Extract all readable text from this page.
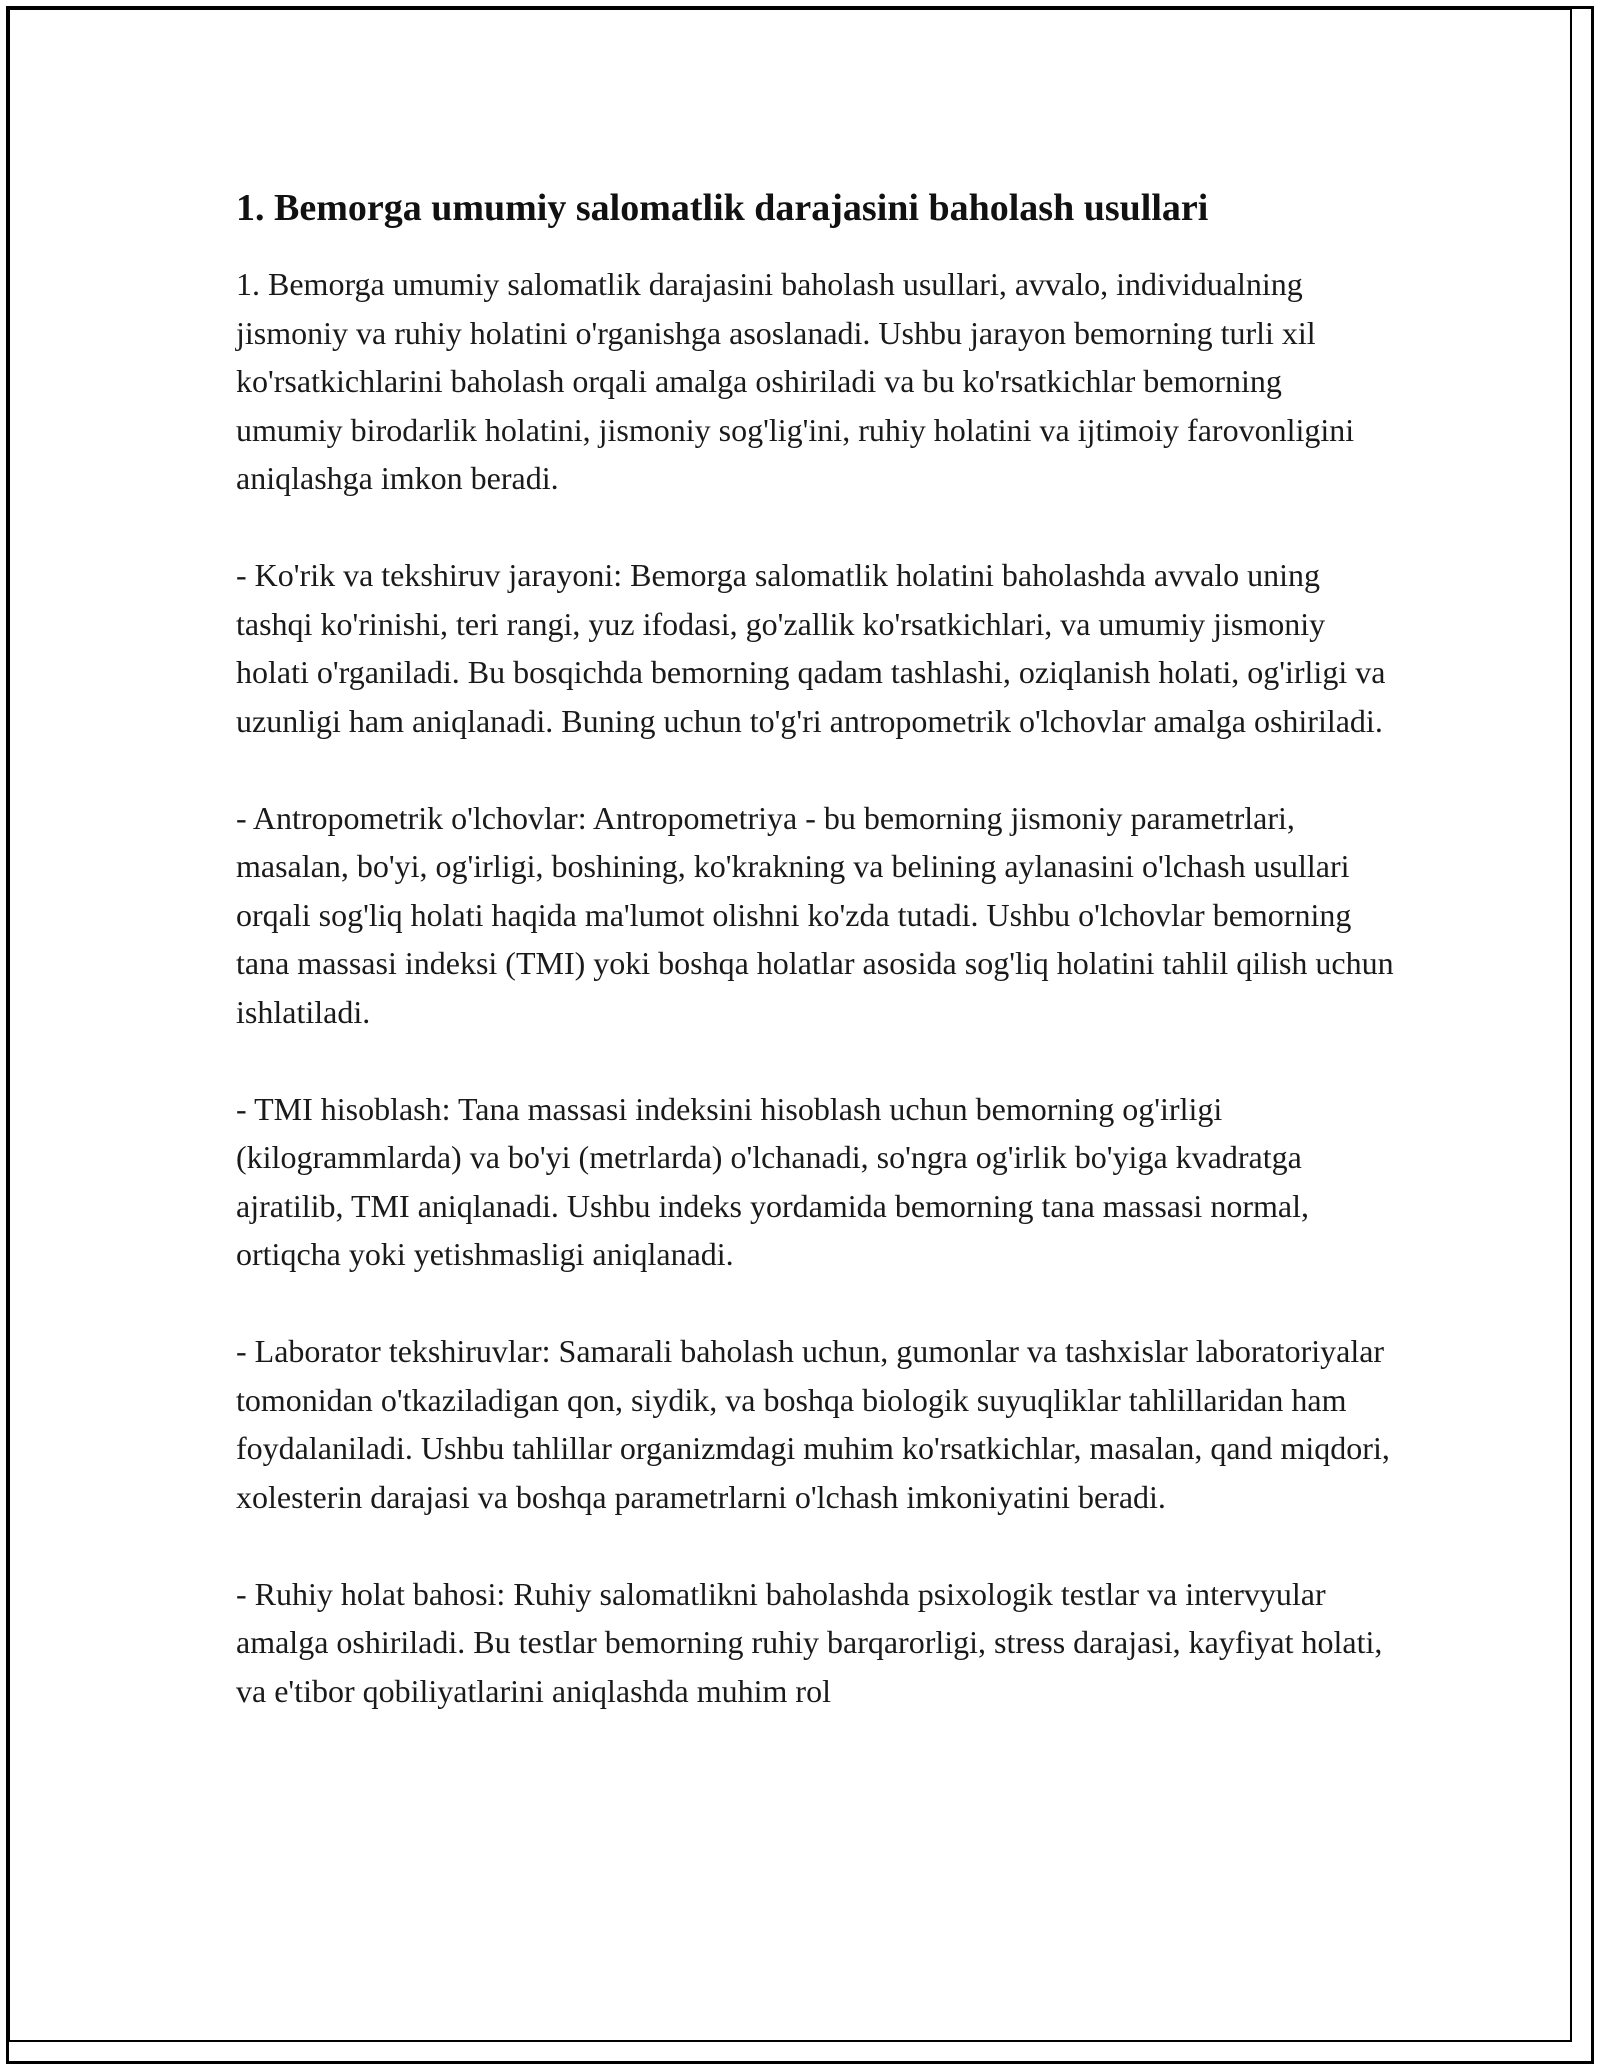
1. Bemorga umumiy salomatlik darajasini baholash usullari

1. Bemorga umumiy salomatlik darajasini baholash usullari, avvalo, individualning jismoniy va ruhiy holatini o'rganishga asoslanadi. Ushbu jarayon bemorning turli xil ko'rsatkichlarini baholash orqali amalga oshiriladi va bu ko'rsatkichlar bemorning umumiy birodarlik holatini, jismoniy sog'lig'ini, ruhiy holatini va ijtimoiy farovonligini aniqlashga imkon beradi.

- Ko'rik va tekshiruv jarayoni: Bemorga salomatlik holatini baholashda avvalo uning tashqi ko'rinishi, teri rangi, yuz ifodasi, go'zallik ko'rsatkichlari, va umumiy jismoniy holati o'rganiladi. Bu bosqichda bemorning qadam tashlashi, oziqlanish holati, og'irligi va uzunligi ham aniqlanadi. Buning uchun to'g'ri antropometrik o'lchovlar amalga oshiriladi.

- Antropometrik o'lchovlar: Antropometriya - bu bemorning jismoniy parametrlari, masalan, bo'yi, og'irligi, boshining, ko'krakning va belining aylanasini o'lchash usullari orqali sog'liq holati haqida ma'lumot olishni ko'zda tutadi. Ushbu o'lchovlar bemorning tana massasi indeksi (TMI) yoki boshqa holatlar asosida sog'liq holatini tahlil qilish uchun ishlatiladi.

- TMI hisoblash: Tana massasi indeksini hisoblash uchun bemorning og'irligi (kilogrammlarda) va bo'yi (metrlarda) o'lchanadi, so'ngra og'irlik bo'yiga kvadratga ajratilib, TMI aniqlanadi. Ushbu indeks yordamida bemorning tana massasi normal, ortiqcha yoki yetishmasligi aniqlanadi.

- Laborator tekshiruvlar: Samarali baholash uchun, gumonlar va tashxislar laboratoriyalar tomonidan o'tkaziladigan qon, siydik, va boshqa biologik suyuqliklar tahlillaridan ham foydalaniladi. Ushbu tahlillar organizmdagi muhim ko'rsatkichlar, masalan, qand miqdori, xolesterin darajasi va boshqa parametrlarni o'lchash imkoniyatini beradi.

- Ruhiy holat bahosi: Ruhiy salomatlikni baholashda psixologik testlar va intervyular amalga oshiriladi. Bu testlar bemorning ruhiy barqarorligi, stress darajasi, kayfiyat holati, va e'tibor qobiliyatlarini aniqlashda muhim rol
